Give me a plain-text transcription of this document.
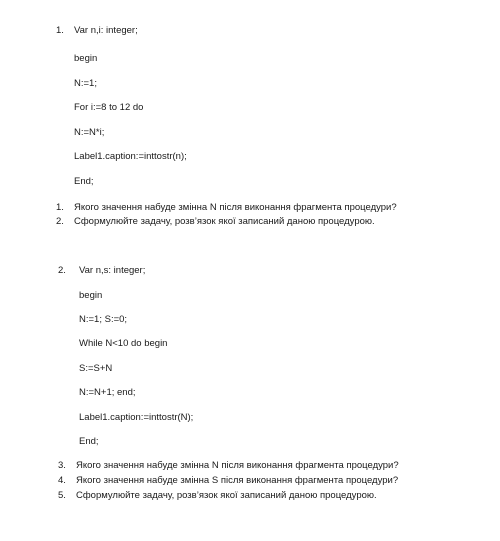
1. Var n,i: integer;
begin
N:=1;
For i:=8 to 12 do
N:=N*i;
Label1.caption:=inttostr(n);
End;
1. Якого значення набуде змінна N після виконання фрагмента процедури?
2. Сформулюйте задачу, розв’язок якої записаний даною процедурою.
2. Var n,s: integer;
begin
N:=1; S:=0;
While N<10 do begin
S:=S+N
N:=N+1; end;
Label1.caption:=inttostr(N);
End;
3. Якого значення набуде змінна N після виконання фрагмента процедури?
4. Якого значення набуде змінна S після виконання фрагмента процедури?
5. Сформулюйте задачу, розв’язок якої записаний даною процедурою.
